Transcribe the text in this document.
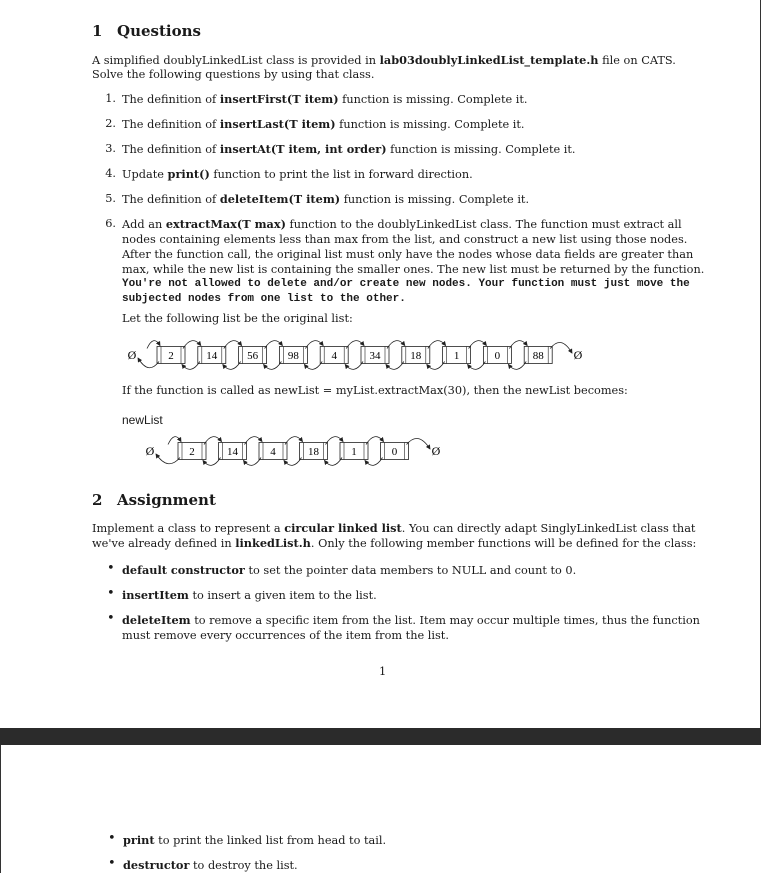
1 Questions
A simplified doublyLinkedList class is provided in lab03doublyLinkedList_template.h file on CATS.
Solve the following questions by using that class.
1. The definition of insertFirst(T item) function is missing. Complete it.
2. The definition of insertLast(T item) function is missing. Complete it.
3. The definition of insertAt(T item, int order) function is missing. Complete it.
4. Update print() function to print the list in forward direction.
5. The definition of deleteItem(T item) function is missing. Complete it.
6. Add an extractMax(T max) function to the doublyLinkedList class. The function must extract all
nodes containing elements less than max from the list, and construct a new list using those nodes.
After the function call, the original list must only have the nodes whose data fields are greater than
max, while the new list is containing the smaller ones. The new list must be returned by the function.
You're not allowed to delete and/or create new nodes. Your function must just move the
subjected nodes from one list to the other.
Let the following list be the original list:
Ø	Ø
2	14	56	98	4	34	18	1	0	88
If the function is called as newList = myList.extractMax(30), then the newList becomes:
newList
Ø	Ø
2	14	4	18	1	0
2 Assignment
Implement a class to represent a circular linked list. You can directly adapt SinglyLinkedList class that
we've already defined in linkedList.h. Only the following member functions will be defined for the class:
• default constructor to set the pointer data members to NULL and count to 0.
• insertItem to insert a given item to the list.
• deleteItem to remove a specific item from the list. Item may occur multiple times, thus the function
must remove every occurrences of the item from the list.
1
• print to print the linked list from head to tail.
• destructor to destroy the list.
